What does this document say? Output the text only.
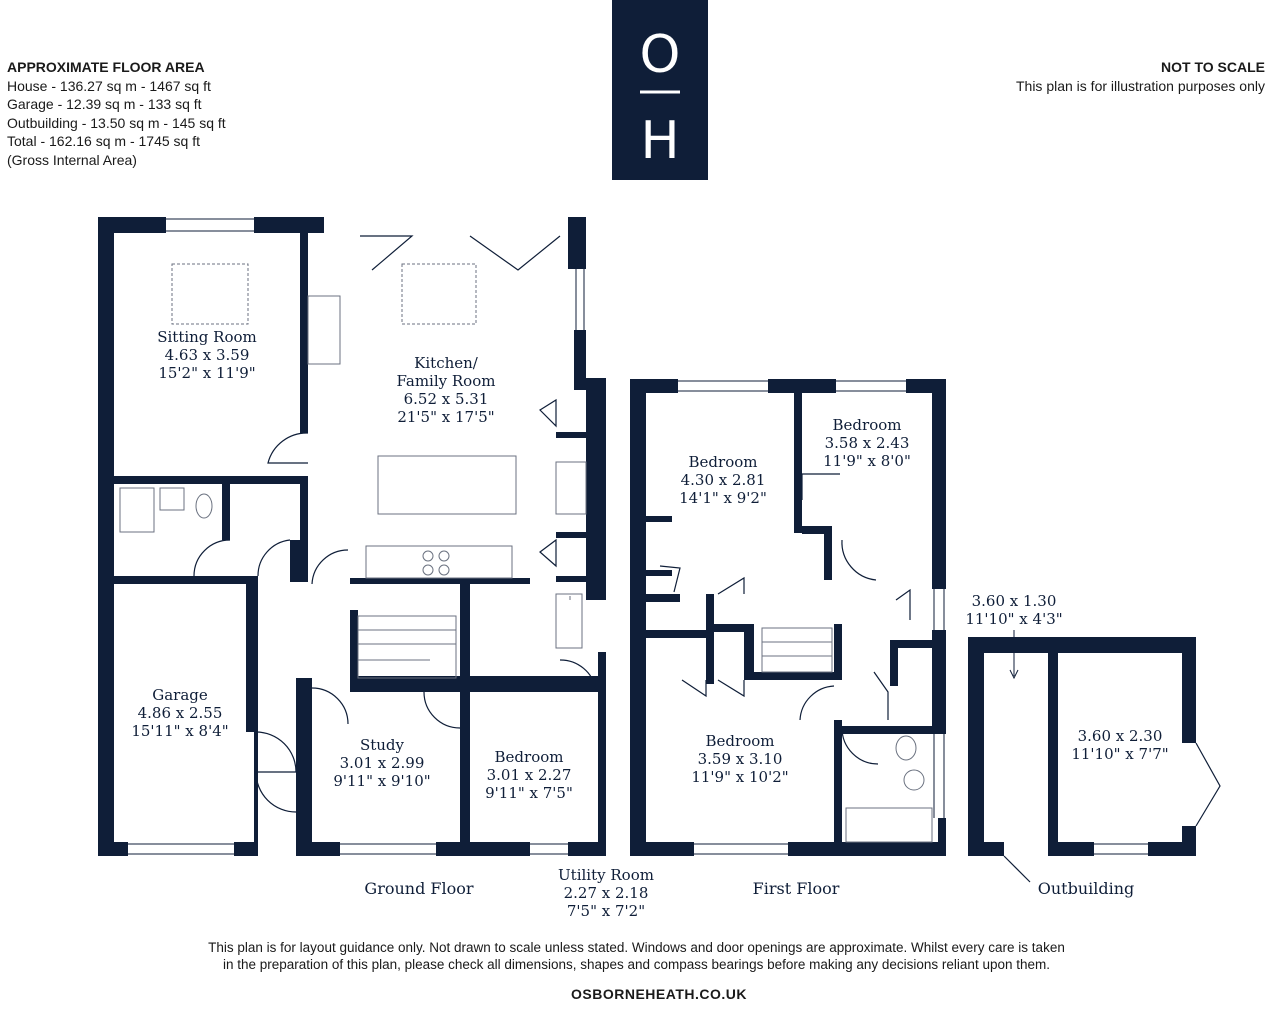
APPROXIMATE FLOOR AREA
House - 136.27 sq m - 1467 sq ft
Garage - 12.39 sq m - 133 sq ft
Outbuilding - 13.50 sq m - 145 sq ft
Total - 162.16 sq m - 1745 sq ft
(Gross Internal Area)
NOT TO SCALE
This plan is for illustration purposes only
O
H
Sitting Room
4.63 x 3.59
15'2" x 11'9"
Kitchen/
Family Room
6.52 x 5.31
21'5" x 17'5"
Garage
4.86 x 2.55
15'11" x 8'4"
Study
3.01 x 2.99
9'11" x 9'10"
Bedroom
3.01 x 2.27
9'11" x 7'5"
Utility Room
2.27 x 2.18
7'5" x 7'2"
Bedroom
4.30 x 2.81
14'1" x 9'2"
Bedroom
3.58 x 2.43
11'9" x 8'0"
Bedroom
3.59 x 3.10
11'9" x 10'2"
3.60 x 1.30
11'10" x 4'3"
3.60 x 2.30
11'10" x 7'7"
Ground Floor	First Floor	Outbuilding
This plan is for layout guidance only. Not drawn to scale unless stated. Windows and door openings are approximate. Whilst every care is taken
in the preparation of this plan, please check all dimensions, shapes and compass bearings before making any decisions reliant upon them.
OSBORNEHEATH.CO.UK
